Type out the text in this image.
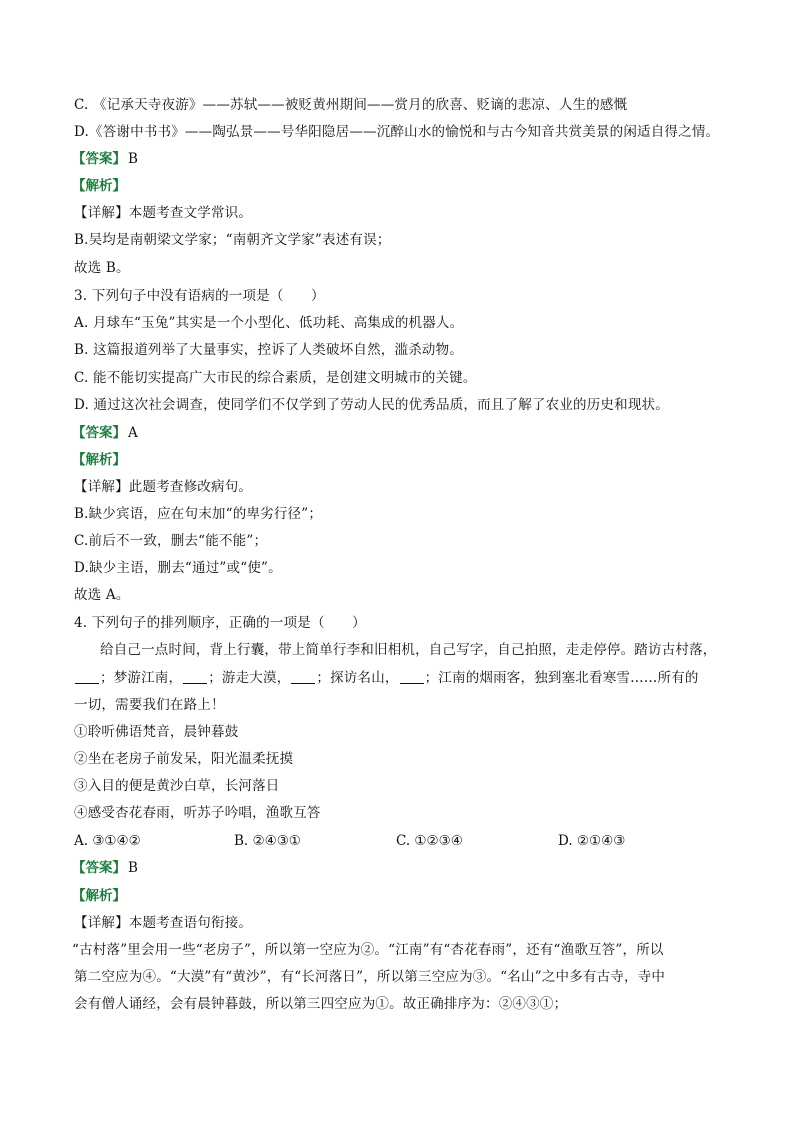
C. 《记承天寺夜游》——苏轼——被贬黄州期间——赏月的欣喜、贬谪的悲凉、人生的感慨
D.《答谢中书书》——陶弘景——号华阳隐居——沉醉山水的愉悦和与古今知音共赏美景的闲适自得之情。
【答案】 B
【解析】
【详解】本题考查文学常识。
B.吴均是南朝梁文学家；“南朝齐文学家”表述有误；
故选 B。
3. 下列句子中没有语病的一项是（　　）
A. 月球车“玉兔”其实是一个小型化、低功耗、高集成的机器人。
B. 这篇报道列举了大量事实，控诉了人类破坏自然，滥杀动物。
C. 能不能切实提高广大市民的综合素质，是创建文明城市的关键。
D. 通过这次社会调查，使同学们不仅学到了劳动人民的优秀品质，而且了解了农业的历史和现状。
【答案】 A
【解析】
【详解】此题考查修改病句。
B.缺少宾语，应在句末加“的卑劣行径”；
C.前后不一致，删去“能不能”；
D.缺少主语，删去“通过”或“使”。
故选 A。
4. 下列句子的排列顺序，正确的一项是（　　）
给自己一点时间，背上行囊，带上简单行李和旧相机，自己写字，自己拍照，走走停停。踏访古村落，
；梦游江南， ；游走大漠， ；探访名山， ；江南的烟雨客，独到塞北看寒雪……所有的
一切，需要我们在路上！
①聆听佛语梵音，晨钟暮鼓
②坐在老房子前发呆，阳光温柔抚摸
③入目的便是黄沙白草，长河落日
④感受杏花春雨，听苏子吟唱，渔歌互答
A. ③①④②	B. ②④③①	C. ①②③④	D. ②①④③
【答案】 B
【解析】
【详解】本题考查语句衔接。
“古村落”里会用一些“老房子”，所以第一空应为②。“江南”有“杏花春雨”，还有“渔歌互答”，所以
第二空应为④。“大漠”有“黄沙”，有“长河落日”，所以第三空应为③。“名山”之中多有古寺，寺中
会有僧人诵经，会有晨钟暮鼓，所以第三四空应为①。故正确排序为：②④③①；
